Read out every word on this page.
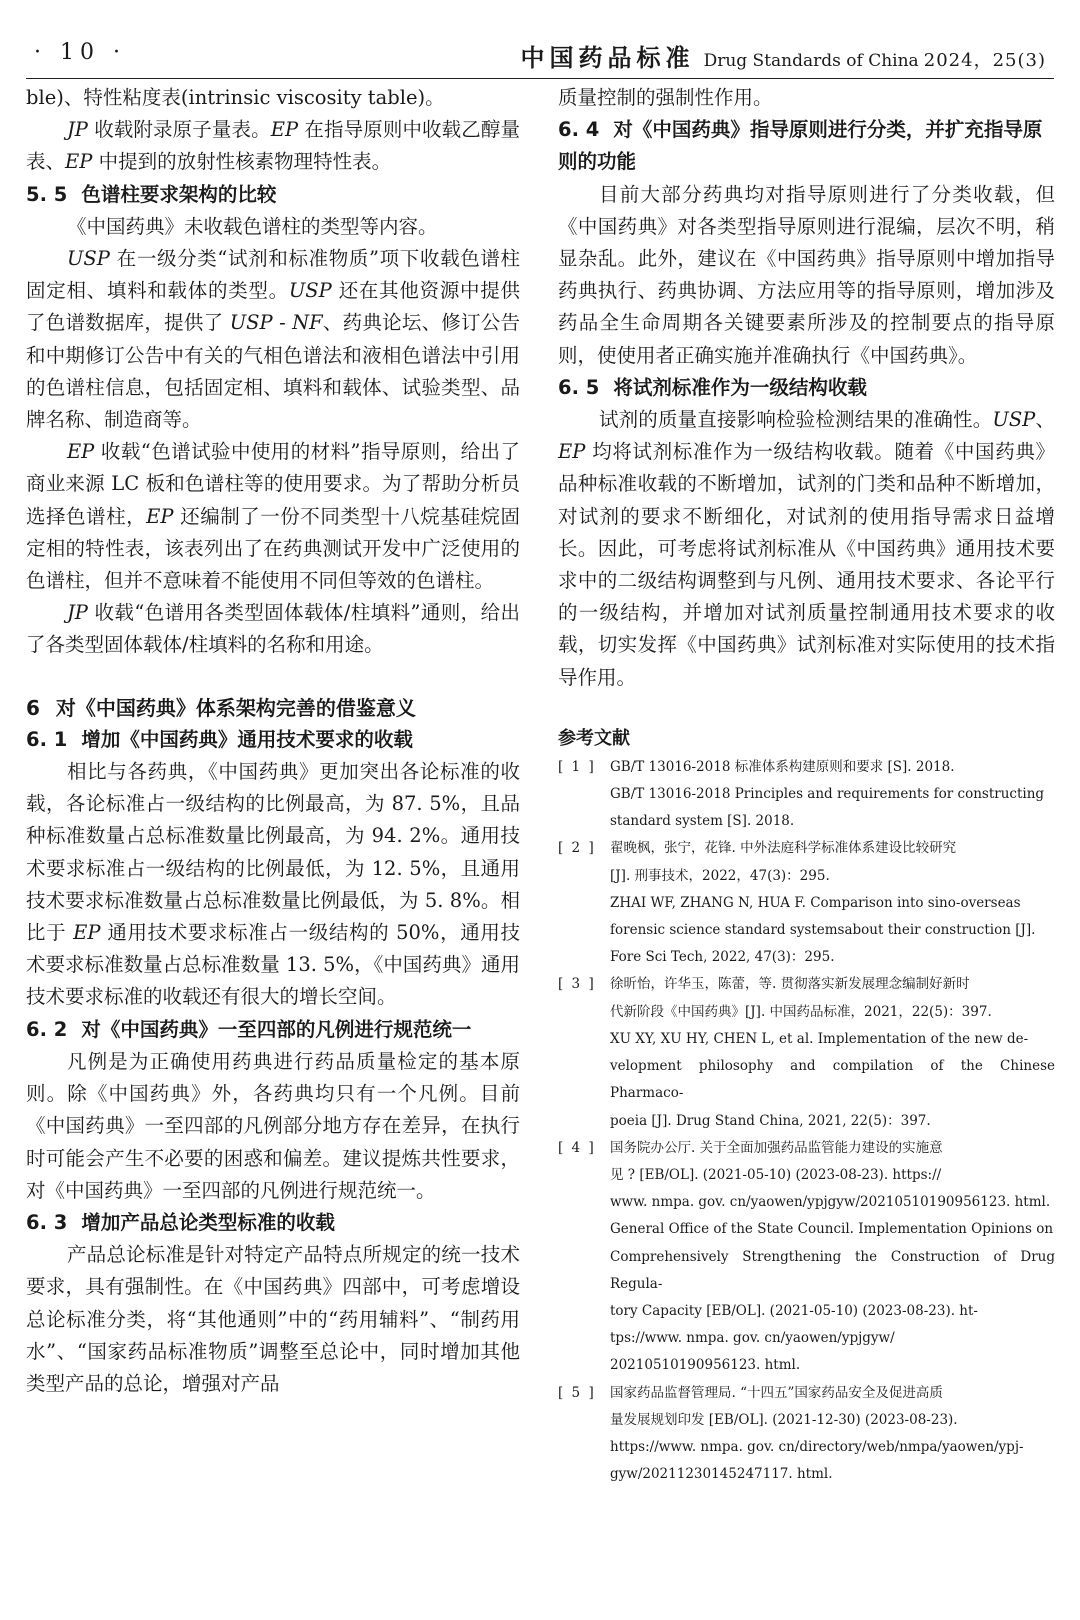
· 10 ·	中国药品标准 Drug Standards of China 2024，25(3)

ble)、特性粘度表(intrinsic viscosity table)。

JP 收载附录原子量表。EP 在指导原则中收载乙醇量表、EP 中提到的放射性核素物理特性表。

5. 5 色谱柱要求架构的比较

《中国药典》未收载色谱柱的类型等内容。

USP 在一级分类“试剂和标准物质”项下收载色谱柱固定相、填料和载体的类型。USP 还在其他资源中提供了色谱数据库，提供了 USP - NF、药典论坛、修订公告和中期修订公告中有关的气相色谱法和液相色谱法中引用的色谱柱信息，包括固定相、填料和载体、试验类型、品牌名称、制造商等。

EP 收载“色谱试验中使用的材料”指导原则，给出了商业来源 LC 板和色谱柱等的使用要求。为了帮助分析员选择色谱柱，EP 还编制了一份不同类型十八烷基硅烷固定相的特性表，该表列出了在药典测试开发中广泛使用的色谱柱，但并不意味着不能使用不同但等效的色谱柱。

JP 收载“色谱用各类型固体载体/柱填料”通则，给出了各类型固体载体/柱填料的名称和用途。

6 对《中国药典》体系架构完善的借鉴意义

6. 1 增加《中国药典》通用技术要求的收载

相比与各药典，《中国药典》更加突出各论标准的收载，各论标准占一级结构的比例最高，为 87. 5%，且品种标准数量占总标准数量比例最高，为 94. 2%。通用技术要求标准占一级结构的比例最低，为 12. 5%，且通用技术要求标准数量占总标准数量比例最低，为 5. 8%。相比于 EP 通用技术要求标准占一级结构的 50%，通用技术要求标准数量占总标准数量 13. 5%，《中国药典》通用技术要求标准的收载还有很大的增长空间。

6. 2 对《中国药典》一至四部的凡例进行规范统一

凡例是为正确使用药典进行药品质量检定的基本原则。除《中国药典》外，各药典均只有一个凡例。目前《中国药典》一至四部的凡例部分地方存在差异，在执行时可能会产生不必要的困惑和偏差。建议提炼共性要求，对《中国药典》一至四部的凡例进行规范统一。

6. 3 增加产品总论类型标准的收载

产品总论标准是针对特定产品特点所规定的统一技术要求，具有强制性。在《中国药典》四部中，可考虑增设总论标准分类，将“其他通则”中的“药用辅料”、“制药用水”、“国家药品标准物质”调整至总论中，同时增加其他类型产品的总论，增强对产品

质量控制的强制性作用。

6. 4 对《中国药典》指导原则进行分类，并扩充指导原则的功能

目前大部分药典均对指导原则进行了分类收载，但《中国药典》对各类型指导原则进行混编，层次不明，稍显杂乱。此外，建议在《中国药典》指导原则中增加指导药典执行、药典协调、方法应用等的指导原则，增加涉及药品全生命周期各关键要素所涉及的控制要点的指导原则，使使用者正确实施并准确执行《中国药典》。

6. 5 将试剂标准作为一级结构收载

试剂的质量直接影响检验检测结果的准确性。USP、EP 均将试剂标准作为一级结构收载。随着《中国药典》品种标准收载的不断增加，试剂的门类和品种不断增加，对试剂的要求不断细化，对试剂的使用指导需求日益增长。因此，可考虑将试剂标准从《中国药典》通用技术要求中的二级结构调整到与凡例、通用技术要求、各论平行的一级结构，并增加对试剂质量控制通用技术要求的收载，切实发挥《中国药典》试剂标准对实际使用的技术指导作用。

参考文献

[ 1 ] GB/T 13016-2018 标准体系构建原则和要求 [S]. 2018.
GB/T 13016-2018 Principles and requirements for constructing
standard system [S]. 2018.
[ 2 ] 翟晚枫，张宁，花锋. 中外法庭科学标准体系建设比较研究
[J]. 刑事技术，2022，47(3)：295.
ZHAI WF, ZHANG N, HUA F. Comparison into sino-overseas
forensic science standard systemsabout their construction [J].
Fore Sci Tech, 2022, 47(3)：295.
[ 3 ] 徐昕怡，许华玉，陈蕾，等. 贯彻落实新发展理念编制好新时
代新阶段《中国药典》[J]. 中国药品标准，2021，22(5)：397.
XU XY, XU HY, CHEN L, et al. Implementation of the new de-
velopment philosophy and compilation of the Chinese Pharmaco-
poeia [J]. Drug Stand China, 2021, 22(5)：397.
[ 4 ] 国务院办公厅. 关于全面加强药品监管能力建设的实施意
见 ? [EB/OL]. (2021-05-10) (2023-08-23). https://
www. nmpa. gov. cn/yaowen/ypjgyw/20210510190956123. html.
General Office of the State Council. Implementation Opinions on
Comprehensively Strengthening the Construction of Drug Regula-
tory Capacity [EB/OL]. (2021-05-10) (2023-08-23). ht-
tps://www. nmpa. gov. cn/yaowen/ypjgyw/
20210510190956123. html.
[ 5 ] 国家药品监督管理局. “十四五”国家药品安全及促进高质
量发展规划印发 [EB/OL]. (2021-12-30) (2023-08-23).
https://www. nmpa. gov. cn/directory/web/nmpa/yaowen/ypj-
gyw/20211230145247117. html.
